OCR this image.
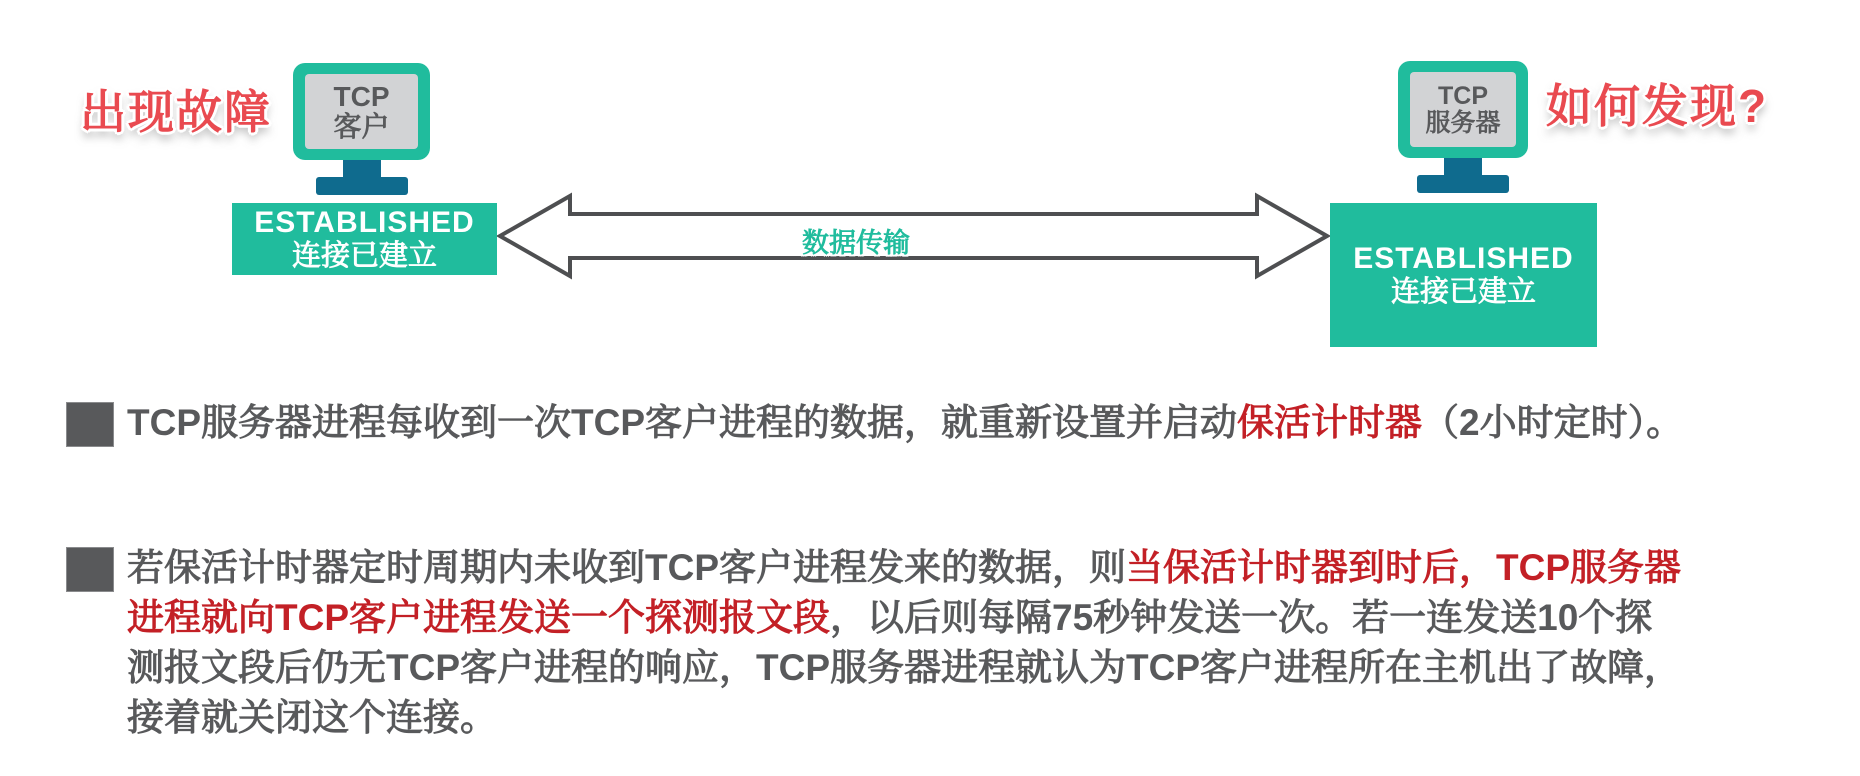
出现故障	如何发现?
TCP
客户
TCP
服务器
ESTABLISHED
连接已建立	ESTABLISHED
连接已建立
数据传输
TCP服务器进程每收到一次TCP客户进程的数据，就重新设置并启动保活计时器（2小时定时）。
若保活计时器定时周期内未收到TCP客户进程发来的数据，则当保活计时器到时后，TCP服务器
进程就向TCP客户进程发送一个探测报文段，以后则每隔75秒钟发送一次。若一连发送10个探
测报文段后仍无TCP客户进程的响应，TCP服务器进程就认为TCP客户进程所在主机出了故障，
接着就关闭这个连接。
